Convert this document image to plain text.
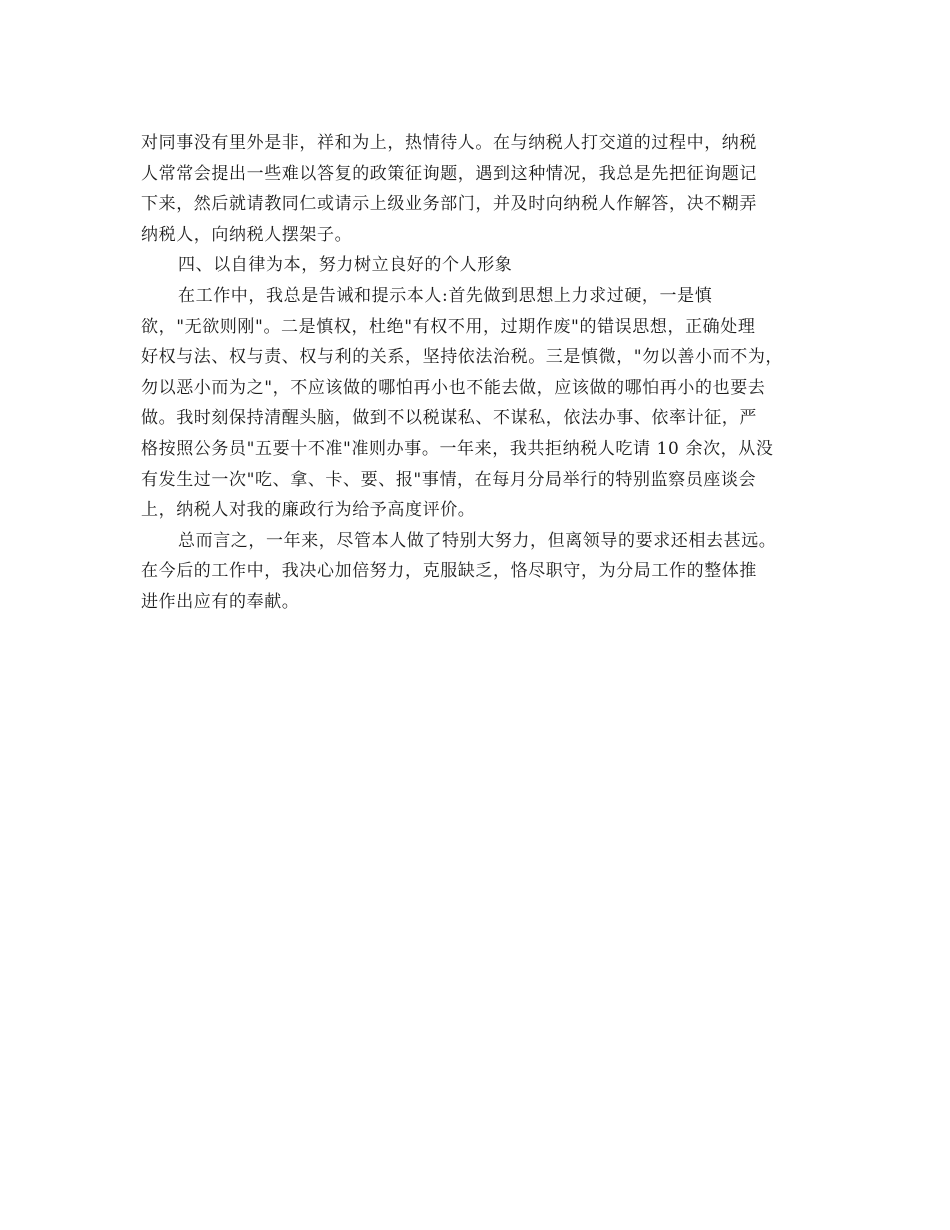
对同事没有里外是非，祥和为上，热情待人。在与纳税人打交道的过程中，纳税
人常常会提出一些难以答复的政策征询题，遇到这种情况，我总是先把征询题记
下来，然后就请教同仁或请示上级业务部门，并及时向纳税人作解答，决不糊弄
纳税人，向纳税人摆架子。
四、以自律为本，努力树立良好的个人形象
在工作中，我总是告诫和提示本人:首先做到思想上力求过硬，一是慎
欲，"无欲则刚"。二是慎权，杜绝"有权不用，过期作废"的错误思想，正确处理
好权与法、权与责、权与利的关系，坚持依法治税。三是慎微，"勿以善小而不为，
勿以恶小而为之"，不应该做的哪怕再小也不能去做，应该做的哪怕再小的也要去
做。我时刻保持清醒头脑，做到不以税谋私、不谋私，依法办事、依率计征，严
格按照公务员"五要十不准"准则办事。一年来，我共拒纳税人吃请 10 余次，从没
有发生过一次"吃、拿、卡、要、报"事情，在每月分局举行的特别监察员座谈会
上，纳税人对我的廉政行为给予高度评价。
总而言之，一年来，尽管本人做了特别大努力，但离领导的要求还相去甚远。
在今后的工作中，我决心加倍努力，克服缺乏，恪尽职守，为分局工作的整体推
进作出应有的奉献。
